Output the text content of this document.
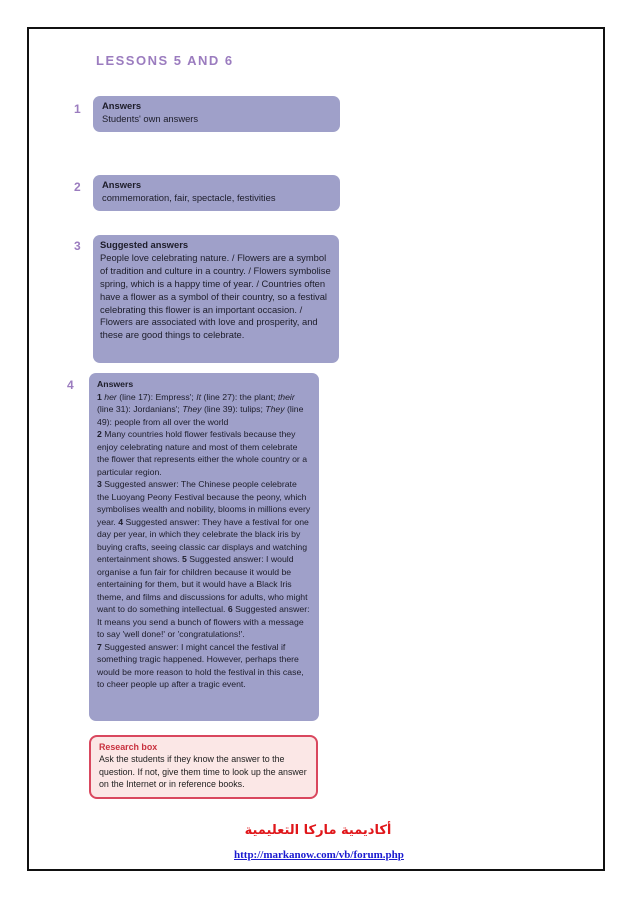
LESSONS 5 AND 6
1 Answers
Students' own answers
2 Answers
commemoration, fair, spectacle, festivities
3 Suggested answers
People love celebrating nature. / Flowers are a symbol of tradition and culture in a country. / Flowers symbolise spring, which is a happy time of year. / Countries often have a flower as a symbol of their country, so a festival celebrating this flower is an important occasion. / Flowers are associated with love and prosperity, and these are good things to celebrate.
4	Answers
1 her (line 17): Empress'; It (line 27): the plant; their (line 31): Jordanians'; They (line 39): tulips; They (line 49): people from all over the world
2 Many countries hold flower festivals because they enjoy celebrating nature and most of them celebrate the flower that represents either the whole country or a particular region.
3 Suggested answer: The Chinese people celebrate the Luoyang Peony Festival because the peony, which symbolises wealth and nobility, blooms in millions every year. 4 Suggested answer: They have a festival for one day per year, in which they celebrate the black iris by buying crafts, seeing classic car displays and watching entertainment shows. 5 Suggested answer: I would organise a fun fair for children because it would be entertaining for them, but it would have a Black Iris theme, and films and discussions for adults, who might want to do something intellectual. 6 Suggested answer: It means you send a bunch of flowers with a message to say 'well done!' or 'congratulations!'.
7 Suggested answer: I might cancel the festival if something tragic happened. However, perhaps there would be more reason to hold the festival in this case, to cheer people up after a tragic event.
Research box
Ask the students if they know the answer to the question. If not, give them time to look up the answer on the Internet or in reference books.
أكاديمية ماركا التعليمية
http://markanow.com/vb/forum.php
